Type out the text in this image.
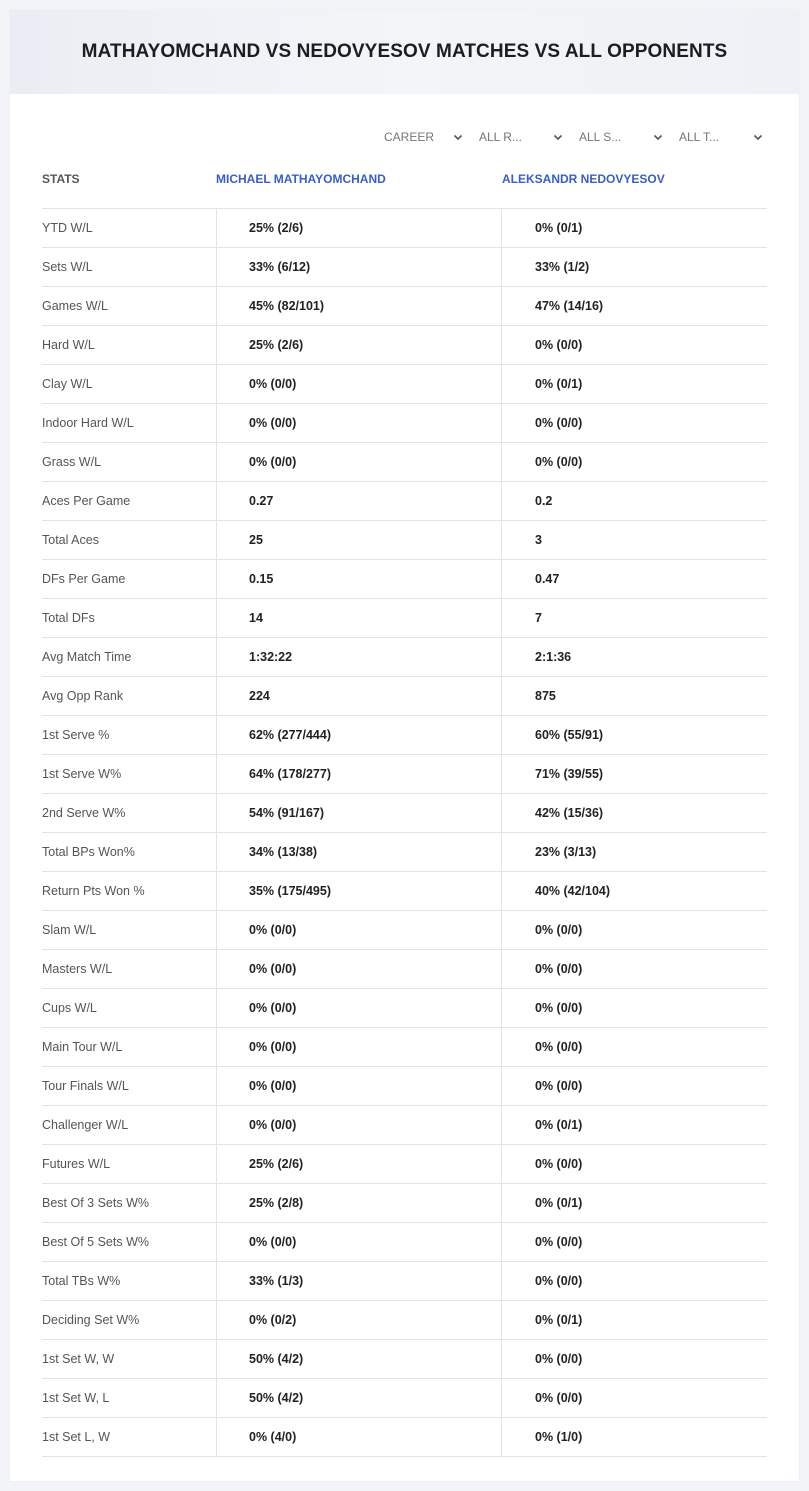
MATHAYOMCHAND VS NEDOVYESOV MATCHES VS ALL OPPONENTS
CAREER	ALL R...	ALL S...	ALL T...
STATS	MICHAEL MATHAYOMCHAND	ALEKSANDR NEDOVYESOV
YTD W/L	25% (2/6)	0% (0/1)
Sets W/L	33% (6/12)	33% (1/2)
Games W/L	45% (82/101)	47% (14/16)
Hard W/L	25% (2/6)	0% (0/0)
Clay W/L	0% (0/0)	0% (0/1)
Indoor Hard W/L	0% (0/0)	0% (0/0)
Grass W/L	0% (0/0)	0% (0/0)
Aces Per Game	0.27	0.2
Total Aces	25	3
DFs Per Game	0.15	0.47
Total DFs	14	7
Avg Match Time	1:32:22	2:1:36
Avg Opp Rank	224	875
1st Serve %	62% (277/444)	60% (55/91)
1st Serve W%	64% (178/277)	71% (39/55)
2nd Serve W%	54% (91/167)	42% (15/36)
Total BPs Won%	34% (13/38)	23% (3/13)
Return Pts Won %	35% (175/495)	40% (42/104)
Slam W/L	0% (0/0)	0% (0/0)
Masters W/L	0% (0/0)	0% (0/0)
Cups W/L	0% (0/0)	0% (0/0)
Main Tour W/L	0% (0/0)	0% (0/0)
Tour Finals W/L	0% (0/0)	0% (0/0)
Challenger W/L	0% (0/0)	0% (0/1)
Futures W/L	25% (2/6)	0% (0/0)
Best Of 3 Sets W%	25% (2/8)	0% (0/1)
Best Of 5 Sets W%	0% (0/0)	0% (0/0)
Total TBs W%	33% (1/3)	0% (0/0)
Deciding Set W%	0% (0/2)	0% (0/1)
1st Set W, W	50% (4/2)	0% (0/0)
1st Set W, L	50% (4/2)	0% (0/0)
1st Set L, W	0% (4/0)	0% (1/0)
